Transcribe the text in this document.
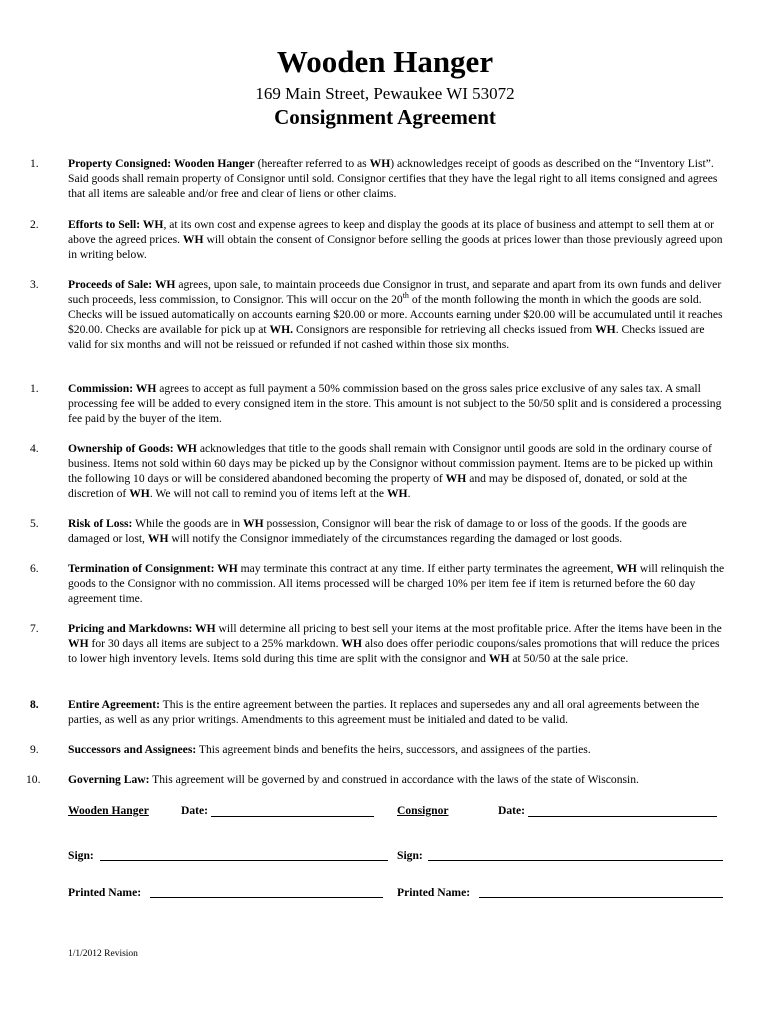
Wooden Hanger
169 Main Street, Pewaukee WI 53072
Consignment Agreement
1.	Property Consigned: Wooden Hanger (hereafter referred to as WH) acknowledges receipt of goods as described on the “Inventory List”. Said goods shall remain property of Consignor until sold. Consignor certifies that they have the legal right to all items consigned and agrees that all items are saleable and/or free and clear of liens or other claims.
2.	Efforts to Sell: WH, at its own cost and expense agrees to keep and display the goods at its place of business and attempt to sell them at or above the agreed prices. WH will obtain the consent of Consignor before selling the goods at prices lower than those previously agreed upon in writing below.
3.	Proceeds of Sale: WH agrees, upon sale, to maintain proceeds due Consignor in trust, and separate and apart from its own funds and deliver such proceeds, less commission, to Consignor. This will occur on the 20th of the month following the month in which the goods are sold. Checks will be issued automatically on accounts earning $20.00 or more. Accounts earning under $20.00 will be accumulated until it reaches $20.00. Checks are available for pick up at WH. Consignors are responsible for retrieving all checks issued from WH. Checks issued are valid for six months and will not be reissued or refunded if not cashed within those six months.
1.	Commission: WH agrees to accept as full payment a 50% commission based on the gross sales price exclusive of any sales tax. A small processing fee will be added to every consigned item in the store. This amount is not subject to the 50/50 split and is considered a processing fee paid by the buyer of the item.
4.	Ownership of Goods: WH acknowledges that title to the goods shall remain with Consignor until goods are sold in the ordinary course of business. Items not sold within 60 days may be picked up by the Consignor without commission payment. Items are to be picked up within the following 10 days or will be considered abandoned becoming the property of WH and may be disposed of, donated, or sold at the discretion of WH. We will not call to remind you of items left at the WH.
5.	Risk of Loss: While the goods are in WH possession, Consignor will bear the risk of damage to or loss of the goods. If the goods are damaged or lost, WH will notify the Consignor immediately of the circumstances regarding the damaged or lost goods.
6.	Termination of Consignment: WH may terminate this contract at any time. If either party terminates the agreement, WH will relinquish the goods to the Consignor with no commission. All items processed will be charged 10% per item fee if item is returned before the 60 day agreement time.
7.	Pricing and Markdowns: WH will determine all pricing to best sell your items at the most profitable price. After the items have been in the WH for 30 days all items are subject to a 25% markdown. WH also does offer periodic coupons/sales promotions that will reduce the prices to lower high inventory levels. Items sold during this time are split with the consignor and WH at 50/50 at the sale price.
8.	Entire Agreement: This is the entire agreement between the parties. It replaces and supersedes any and all oral agreements between the parties, as well as any prior writings. Amendments to this agreement must be initialed and dated to be valid.
9.	Successors and Assignees: This agreement binds and benefits the heirs, successors, and assignees of the parties.
10.	Governing Law: This agreement will be governed by and construed in accordance with the laws of the state of Wisconsin.
Wooden Hanger	Date:	Consignor	Date:
Sign:	Sign:
Printed Name:	Printed Name:
1/1/2012 Revision
